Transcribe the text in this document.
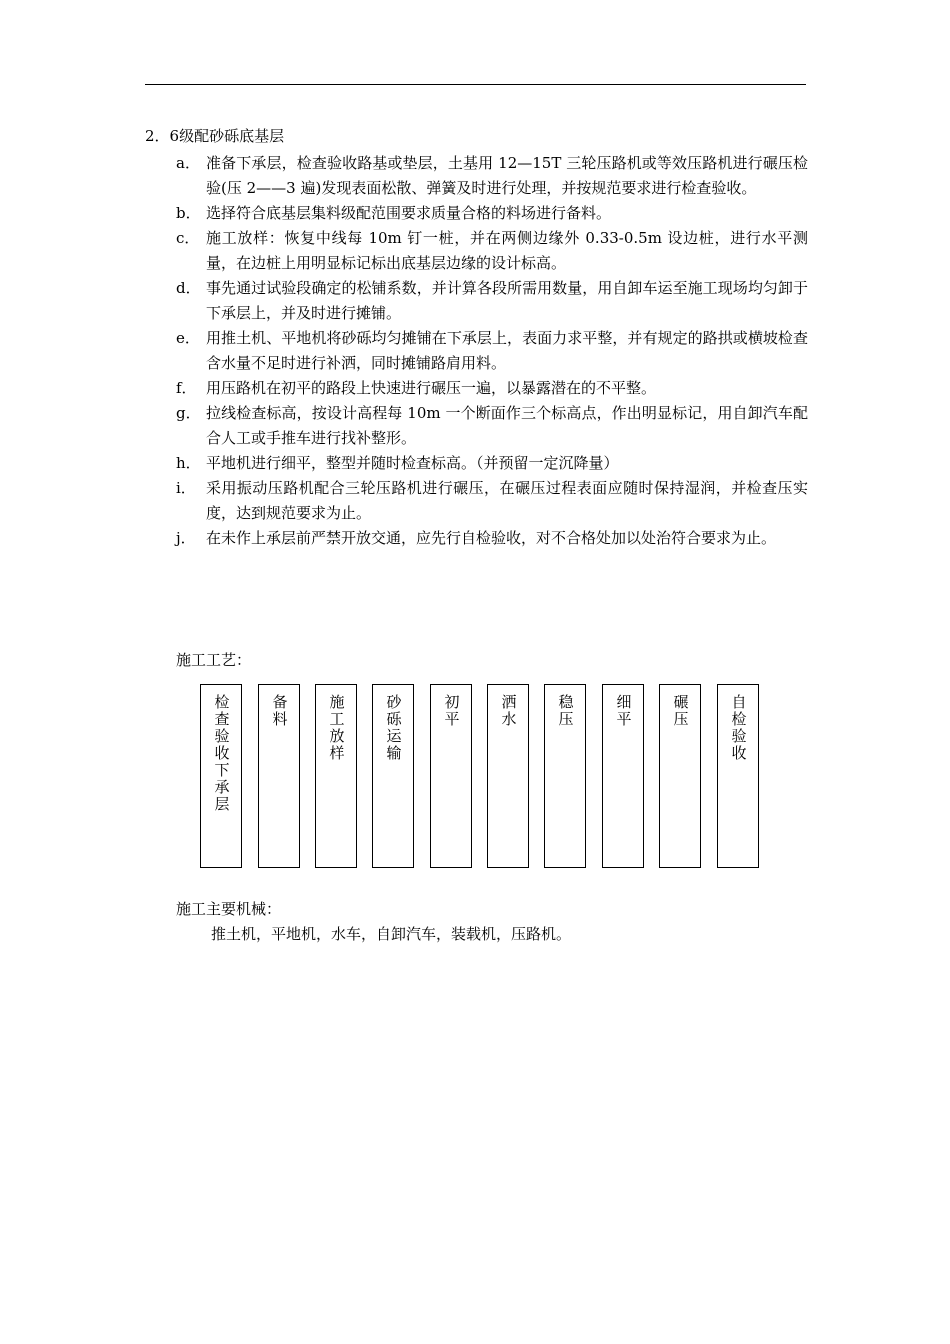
2．6级配砂砾底基层
a． 准备下承层，检查验收路基或垫层，土基用 12—15T 三轮压路机或等效压路机进行碾压检验(压 2——3 遍)发现表面松散、弹簧及时进行处理，并按规范要求进行检查验收。
b． 选择符合底基层集料级配范围要求质量合格的料场进行备料。
c． 施工放样：恢复中线每 10m 钉一桩，并在两侧边缘外 0.33-0.5m 设边桩，进行水平测量，在边桩上用明显标记标出底基层边缘的设计标高。
d． 事先通过试验段确定的松铺系数，并计算各段所需用数量，用自卸车运至施工现场均匀卸于下承层上，并及时进行摊铺。
e． 用推土机、平地机将砂砾均匀摊铺在下承层上，表面力求平整，并有规定的路拱或横坡检查含水量不足时进行补洒，同时摊铺路肩用料。
f． 用压路机在初平的路段上快速进行碾压一遍，以暴露潜在的不平整。
g． 拉线检查标高，按设计高程每 10m 一个断面作三个标高点，作出明显标记，用自卸汽车配合人工或手推车进行找补整形。
h． 平地机进行细平，整型并随时检查标高。（并预留一定沉降量）
i． 采用振动压路机配合三轮压路机进行碾压，在碾压过程表面应随时保持湿润，并检查压实度，达到规范要求为止。
j． 在未作上承层前严禁开放交通，应先行自检验收，对不合格处加以处治符合要求为止。
施工工艺：
检查验收下承层	备料	施工放样	砂砾运输	初平	洒水	稳压	细平	碾压	自检验收
施工主要机械：
推土机，平地机，水车，自卸汽车，装载机，压路机。
